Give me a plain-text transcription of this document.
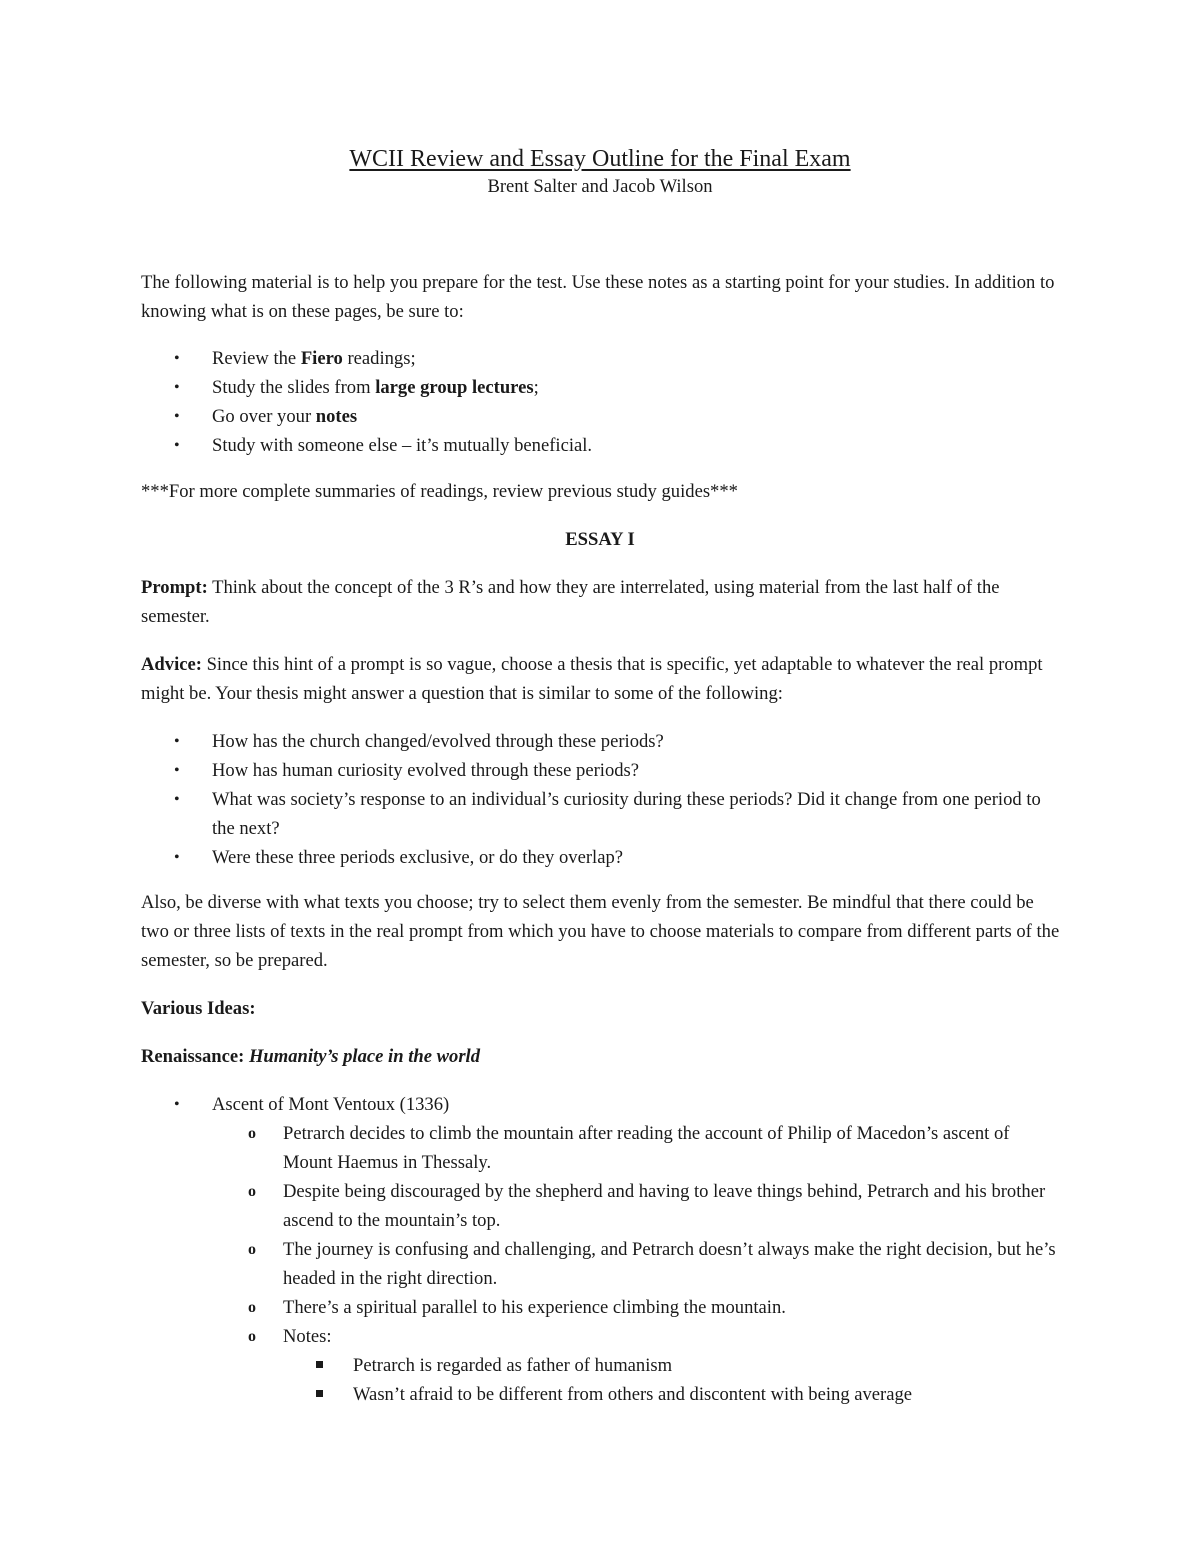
WCII Review and Essay Outline for the Final Exam
Brent Salter and Jacob Wilson

The following material is to help you prepare for the test. Use these notes as a starting point for your studies. In addition to knowing what is on these pages, be sure to:

• Review the Fiero readings;
• Study the slides from large group lectures;
• Go over your notes
• Study with someone else – it’s mutually beneficial.

***For more complete summaries of readings, review previous study guides***

ESSAY I

Prompt: Think about the concept of the 3 R’s and how they are interrelated, using material from the last half of the semester.

Advice: Since this hint of a prompt is so vague, choose a thesis that is specific, yet adaptable to whatever the real prompt might be. Your thesis might answer a question that is similar to some of the following:

• How has the church changed/evolved through these periods?
• How has human curiosity evolved through these periods?
• What was society’s response to an individual’s curiosity during these periods? Did it change from one period to the next?
• Were these three periods exclusive, or do they overlap?

Also, be diverse with what texts you choose; try to select them evenly from the semester. Be mindful that there could be two or three lists of texts in the real prompt from which you have to choose materials to compare from different parts of the semester, so be prepared.

Various Ideas:
Renaissance: Humanity’s place in the world
• Ascent of Mont Ventoux (1336)
o Petrarch decides to climb the mountain after reading the account of Philip of Macedon’s ascent of Mount Haemus in Thessaly.
o Despite being discouraged by the shepherd and having to leave things behind, Petrarch and his brother ascend to the mountain’s top.
o The journey is confusing and challenging, and Petrarch doesn’t always make the right decision, but he’s headed in the right direction.
o There’s a spiritual parallel to his experience climbing the mountain.
o Notes:
Petrarch is regarded as father of humanism
Wasn’t afraid to be different from others and discontent with being average
